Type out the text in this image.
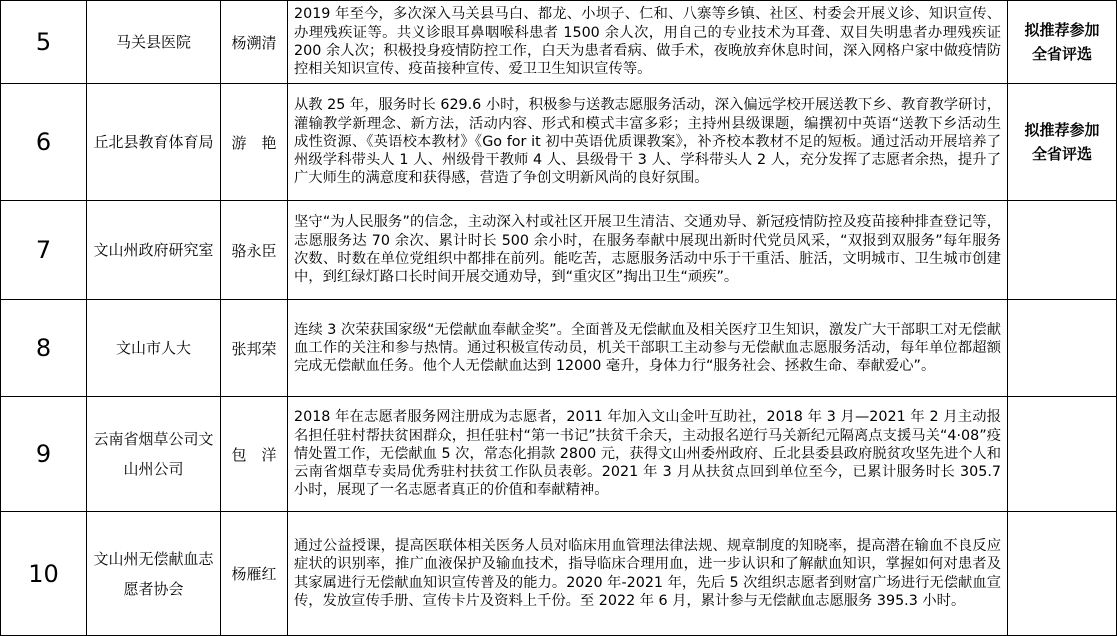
5	马关县医院	杨溯清	2019 年至今，多次深入马关县马白、都龙、小坝子、仁和、八寨等乡镇、社区、村委会开展义诊、知识宣传、办理残疾证等。共义诊眼耳鼻咽喉科患者 1500 余人次，用自己的专业技术为耳聋、双目失明患者办理残疾证 200 余人次；积极投身疫情防控工作，白天为患者看病、做手术，夜晚放弃休息时间，深入网格户家中做疫情防控相关知识宣传、疫苗接种宣传、爱卫卫生知识宣传等。	拟推荐参加
全省评选

6	丘北县教育体育局	游　艳	从教 25 年，服务时长 629.6 小时，积极参与送教志愿服务活动，深入偏远学校开展送教下乡、教育教学研讨，灌输教学新理念、新方法，活动内容、形式和模式丰富多彩；主持州县级课题，编撰初中英语“送教下乡活动生成性资源、《英语校本教材》《Go for it 初中英语优质课教案》，补齐校本教材不足的短板。通过活动开展培养了州级学科带头人 1 人、州级骨干教师 4 人、县级骨干 3 人、学科带头人 2 人，充分发挥了志愿者余热，提升了广大师生的满意度和获得感，营造了争创文明新风尚的良好氛围。	拟推荐参加
全省评选

7	文山州政府研究室	骆永臣	坚守“为人民服务”的信念，主动深入村或社区开展卫生清洁、交通劝导、新冠疫情防控及疫苗接种排查登记等，志愿服务达 70 余次、累计时长 500 余小时，在服务奉献中展现出新时代党员风采，“双报到双服务”每年服务次数、时数在单位党组织中都排在前列。能吃苦，志愿服务活动中乐于干重活、脏活，文明城市、卫生城市创建中，到红绿灯路口长时间开展交通劝导，到“重灾区”掏出卫生“顽疾”。	

8	文山市人大	张邦荣	连续 3 次荣获国家级“无偿献血奉献金奖”。全面普及无偿献血及相关医疗卫生知识，激发广大干部职工对无偿献血工作的关注和参与热情。通过积极宣传动员，机关干部职工主动参与无偿献血志愿服务活动，每年单位都超额完成无偿献血任务。他个人无偿献血达到 12000 毫升，身体力行“服务社会、拯救生命、奉献爱心”。	

9	云南省烟草公司文山州公司	包　洋	2018 年在志愿者服务网注册成为志愿者，2011 年加入文山金叶互助社，2018 年 3 月—2021 年 2 月主动报名担任驻村帮扶贫困群众，担任驻村“第一书记”扶贫千余天，主动报名逆行马关新纪元隔离点支援马关“4·08”疫情处置工作，无偿献血 5 次，常态化捐款 2800 元，获得文山州委州政府、丘北县委县政府脱贫攻坚先进个人和云南省烟草专卖局优秀驻村扶贫工作队员表彰。2021 年 3 月从扶贫点回到单位至今，已累计服务时长 305.7 小时，展现了一名志愿者真正的价值和奉献精神。	

10	文山州无偿献血志愿者协会	杨雁红	通过公益授课，提高医联体相关医务人员对临床用血管理法律法规、规章制度的知晓率，提高潜在输血不良反应症状的识别率，推广血液保护及输血技术，指导临床合理用血，进一步认识和了解献血知识，掌握如何对患者及其家属进行无偿献血知识宣传普及的能力。2020 年-2021 年，先后 5 次组织志愿者到财富广场进行无偿献血宣传，发放宣传手册、宣传卡片及资料上千份。至 2022 年 6 月，累计参与无偿献血志愿服务 395.3 小时。	
